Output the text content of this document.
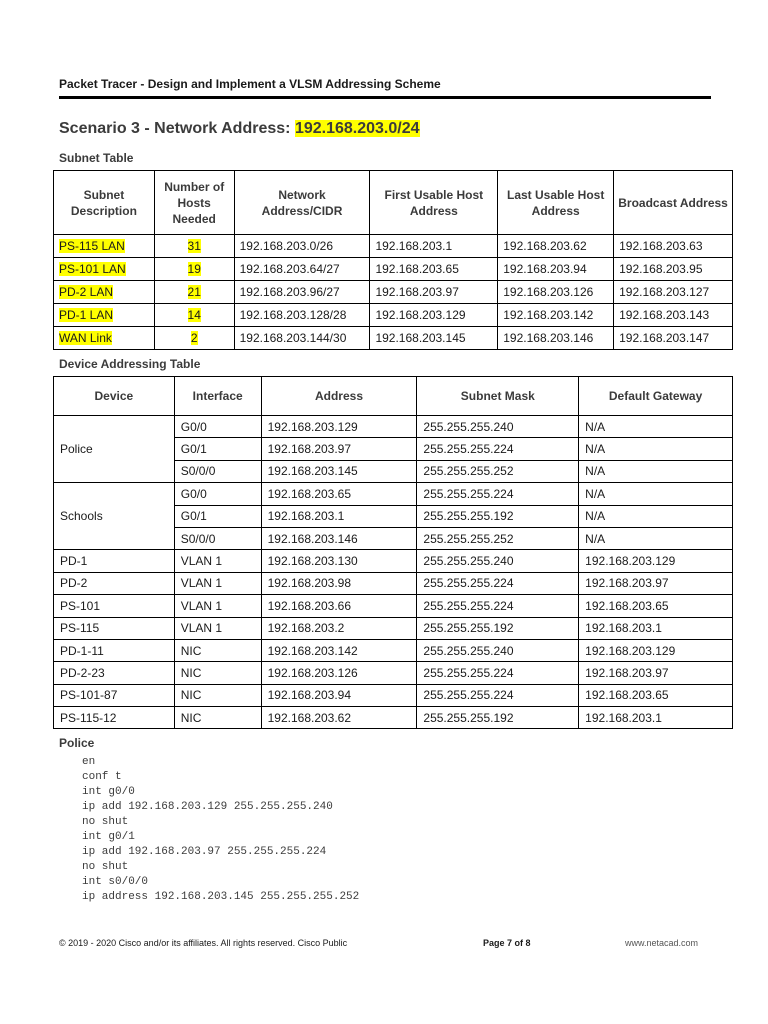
Packet Tracer - Design and Implement a VLSM Addressing Scheme
Scenario 3 - Network Address: 192.168.203.0/24
Subnet Table
Subnet Description	Number of Hosts Needed	Network Address/CIDR	First Usable Host Address	Last Usable Host Address	Broadcast Address
PS-115 LAN	31	192.168.203.0/26	192.168.203.1	192.168.203.62	192.168.203.63
PS-101 LAN	19	192.168.203.64/27	192.168.203.65	192.168.203.94	192.168.203.95
PD-2 LAN	21	192.168.203.96/27	192.168.203.97	192.168.203.126	192.168.203.127
PD-1 LAN	14	192.168.203.128/28	192.168.203.129	192.168.203.142	192.168.203.143
WAN Link	2	192.168.203.144/30	192.168.203.145	192.168.203.146	192.168.203.147
Device Addressing Table
Device	Interface	Address	Subnet Mask	Default Gateway
Police	G0/0	192.168.203.129	255.255.255.240	N/A
	G0/1	192.168.203.97	255.255.255.224	N/A
	S0/0/0	192.168.203.145	255.255.255.252	N/A
Schools	G0/0	192.168.203.65	255.255.255.224	N/A
	G0/1	192.168.203.1	255.255.255.192	N/A
	S0/0/0	192.168.203.146	255.255.255.252	N/A
PD-1	VLAN 1	192.168.203.130	255.255.255.240	192.168.203.129
PD-2	VLAN 1	192.168.203.98	255.255.255.224	192.168.203.97
PS-101	VLAN 1	192.168.203.66	255.255.255.224	192.168.203.65
PS-115	VLAN 1	192.168.203.2	255.255.255.192	192.168.203.1
PD-1-11	NIC	192.168.203.142	255.255.255.240	192.168.203.129
PD-2-23	NIC	192.168.203.126	255.255.255.224	192.168.203.97
PS-101-87	NIC	192.168.203.94	255.255.255.224	192.168.203.65
PS-115-12	NIC	192.168.203.62	255.255.255.192	192.168.203.1
Police
en
conf t
int g0/0
ip add 192.168.203.129 255.255.255.240
no shut
int g0/1
ip add 192.168.203.97 255.255.255.224
no shut
int s0/0/0
ip address 192.168.203.145 255.255.255.252
© 2019 - 2020 Cisco and/or its affiliates. All rights reserved. Cisco Public	Page 7 of 8	www.netacad.com
